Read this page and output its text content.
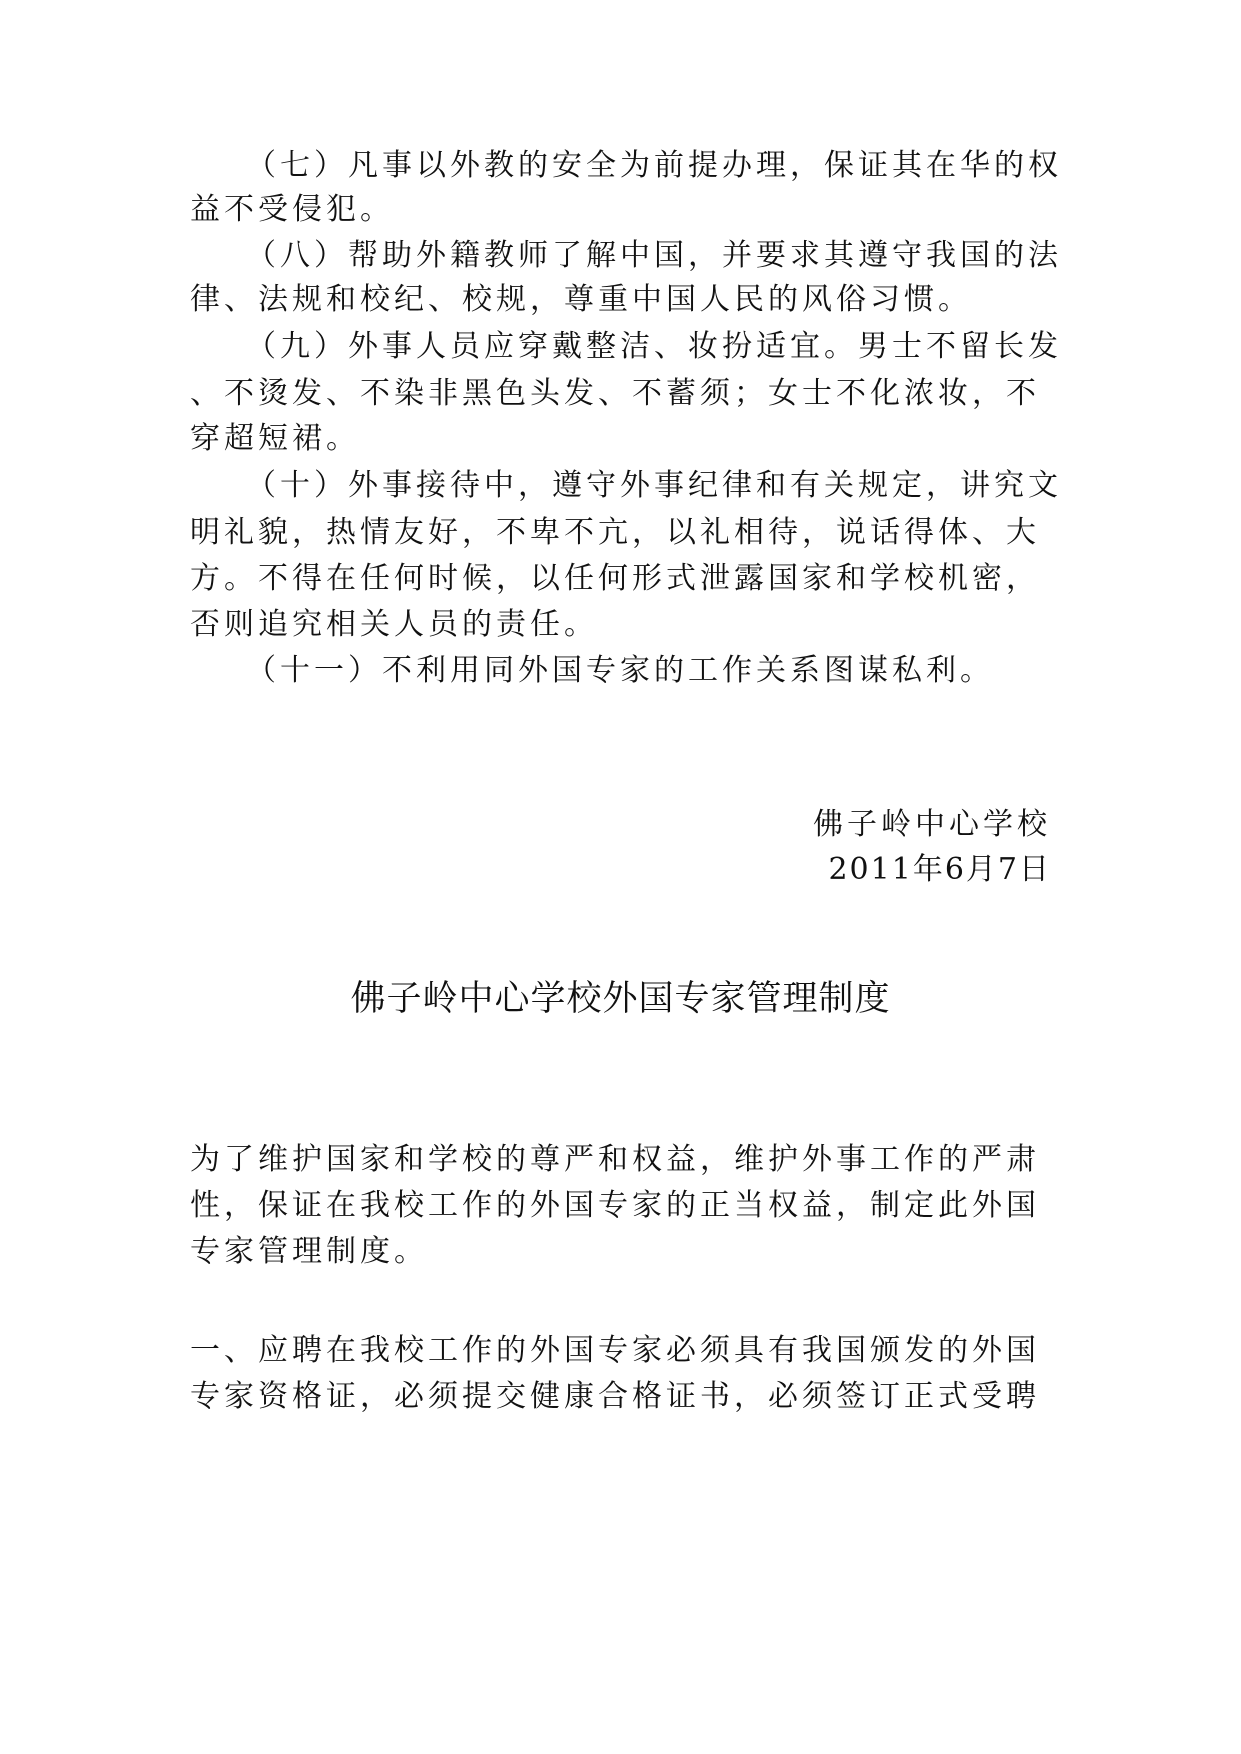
（七）凡事以外教的安全为前提办理，保证其在华的权
益不受侵犯。
（八）帮助外籍教师了解中国，并要求其遵守我国的法
律、法规和校纪、校规，尊重中国人民的风俗习惯。
（九）外事人员应穿戴整洁、妆扮适宜。男士不留长发
、不烫发、不染非黑色头发、不蓄须；女士不化浓妆，不
穿超短裙。
（十）外事接待中，遵守外事纪律和有关规定，讲究文
明礼貌，热情友好，不卑不亢，以礼相待，说话得体、大
方。不得在任何时候，以任何形式泄露国家和学校机密，
否则追究相关人员的责任。
（十一）不利用同外国专家的工作关系图谋私利。
佛子岭中心学校
2011年6月7日
佛子岭中心学校外国专家管理制度
为了维护国家和学校的尊严和权益，维护外事工作的严肃
性，保证在我校工作的外国专家的正当权益，制定此外国
专家管理制度。
一、应聘在我校工作的外国专家必须具有我国颁发的外国
专家资格证，必须提交健康合格证书，必须签订正式受聘
